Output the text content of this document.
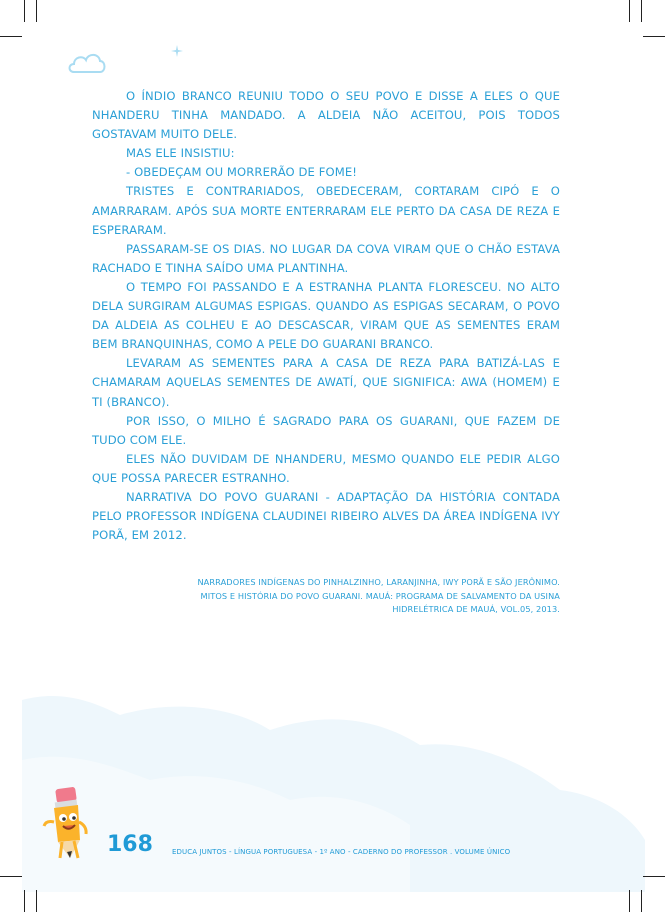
O ÍNDIO BRANCO REUNIU TODO O SEU POVO E DISSE A ELES O QUE NHANDERU TINHA MANDADO. A ALDEIA NÃO ACEITOU, POIS TODOS GOSTAVAM MUITO DELE.

MAS ELE INSISTIU:

- OBEDEÇAM OU MORRERÃO DE FOME!

TRISTES E CONTRARIADOS, OBEDECERAM, CORTARAM CIPÓ E O AMARRARAM. APÓS SUA MORTE ENTERRARAM ELE PERTO DA CASA DE REZA E ESPERARAM.

PASSARAM-SE OS DIAS. NO LUGAR DA COVA VIRAM QUE O CHÃO ESTAVA RACHADO E TINHA SAÍDO UMA PLANTINHA.

O TEMPO FOI PASSANDO E A ESTRANHA PLANTA FLORESCEU. NO ALTO DELA SURGIRAM ALGUMAS ESPIGAS. QUANDO AS ESPIGAS SECARAM, O POVO DA ALDEIA AS COLHEU E AO DESCASCAR, VIRAM QUE AS SEMENTES ERAM BEM BRANQUINHAS, COMO A PELE DO GUARANI BRANCO.

LEVARAM AS SEMENTES PARA A CASA DE REZA PARA BATIZÁ-LAS E CHAMARAM AQUELAS SEMENTES DE AWATÍ, QUE SIGNIFICA: AWA (HOMEM) E TI (BRANCO).

POR ISSO, O MILHO É SAGRADO PARA OS GUARANI, QUE FAZEM DE TUDO COM ELE.

ELES NÃO DUVIDAM DE NHANDERU, MESMO QUANDO ELE PEDIR ALGO QUE POSSA PARECER ESTRANHO.

NARRATIVA DO POVO GUARANI - ADAPTAÇÃO DA HISTÓRIA CONTADA PELO PROFESSOR INDÍGENA CLAUDINEI RIBEIRO ALVES DA ÁREA INDÍGENA IVY PORÃ, EM 2012.

NARRADORES INDÍGENAS DO PINHALZINHO, LARANJINHA, IWY PORÃ E SÃO JERÔNIMO.
MITOS E HISTÓRIA DO POVO GUARANI. MAUÁ: PROGRAMA DE SALVAMENTO DA USINA
HIDRELÉTRICA DE MAUÁ, VOL.05, 2013.
168	EDUCA JUNTOS - LÍNGUA PORTUGUESA - 1º ANO - CADERNO DO PROFESSOR . VOLUME ÚNICO
